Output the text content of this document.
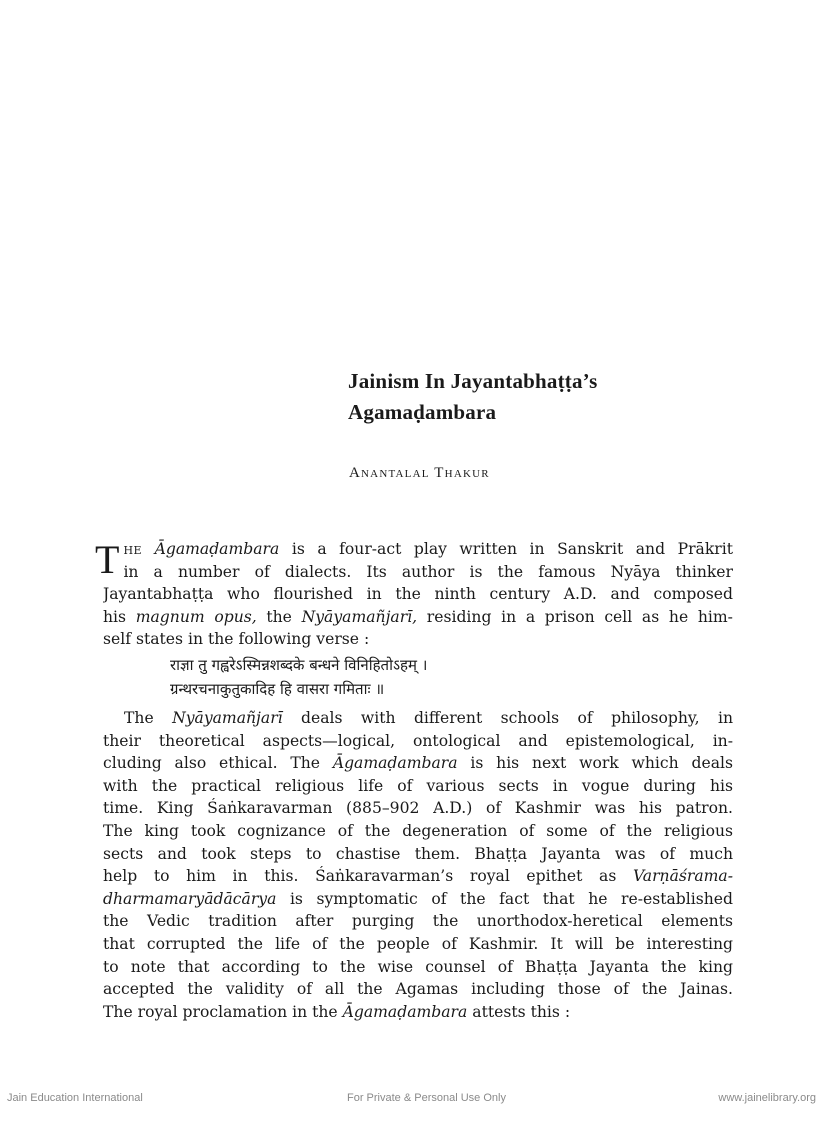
Jainism In Jayantabhaṭṭa’s
Agamaḍambara
Anantalal Thakur
T he Āgamaḍambara is a four-act play written in Sanskrit and Prākrit
in a number of dialects. Its author is the famous Nyāya thinker
Jayantabhaṭṭa who flourished in the ninth century A.D. and composed
his magnum opus, the Nyāyamañjarī, residing in a prison cell as he him-
self states in the following verse :
राज्ञा तु गह्वरेऽस्मिन्नशब्दके बन्धने विनिहितोऽहम् ।
ग्रन्थरचनाकुतुकादिह हि वासरा गमिताः ॥
The Nyāyamañjarī deals with different schools of philosophy, in
their theoretical aspects—logical, ontological and epistemological, in-
cluding also ethical. The Āgamaḍambara is his next work which deals
with the practical religious life of various sects in vogue during his
time. King Śaṅkaravarman (885–902 A.D.) of Kashmir was his patron.
The king took cognizance of the degeneration of some of the religious
sects and took steps to chastise them. Bhaṭṭa Jayanta was of much
help to him in this. Śaṅkaravarman’s royal epithet as Varṇāśrama-
dharmamaryādācārya is symptomatic of the fact that he re-established
the Vedic tradition after purging the unorthodox-heretical elements
that corrupted the life of the people of Kashmir. It will be interesting
to note that according to the wise counsel of Bhaṭṭa Jayanta the king
accepted the validity of all the Agamas including those of the Jainas.
The royal proclamation in the Āgamaḍambara attests this :
Jain Education International	For Private & Personal Use Only	www.jainelibrary.org
